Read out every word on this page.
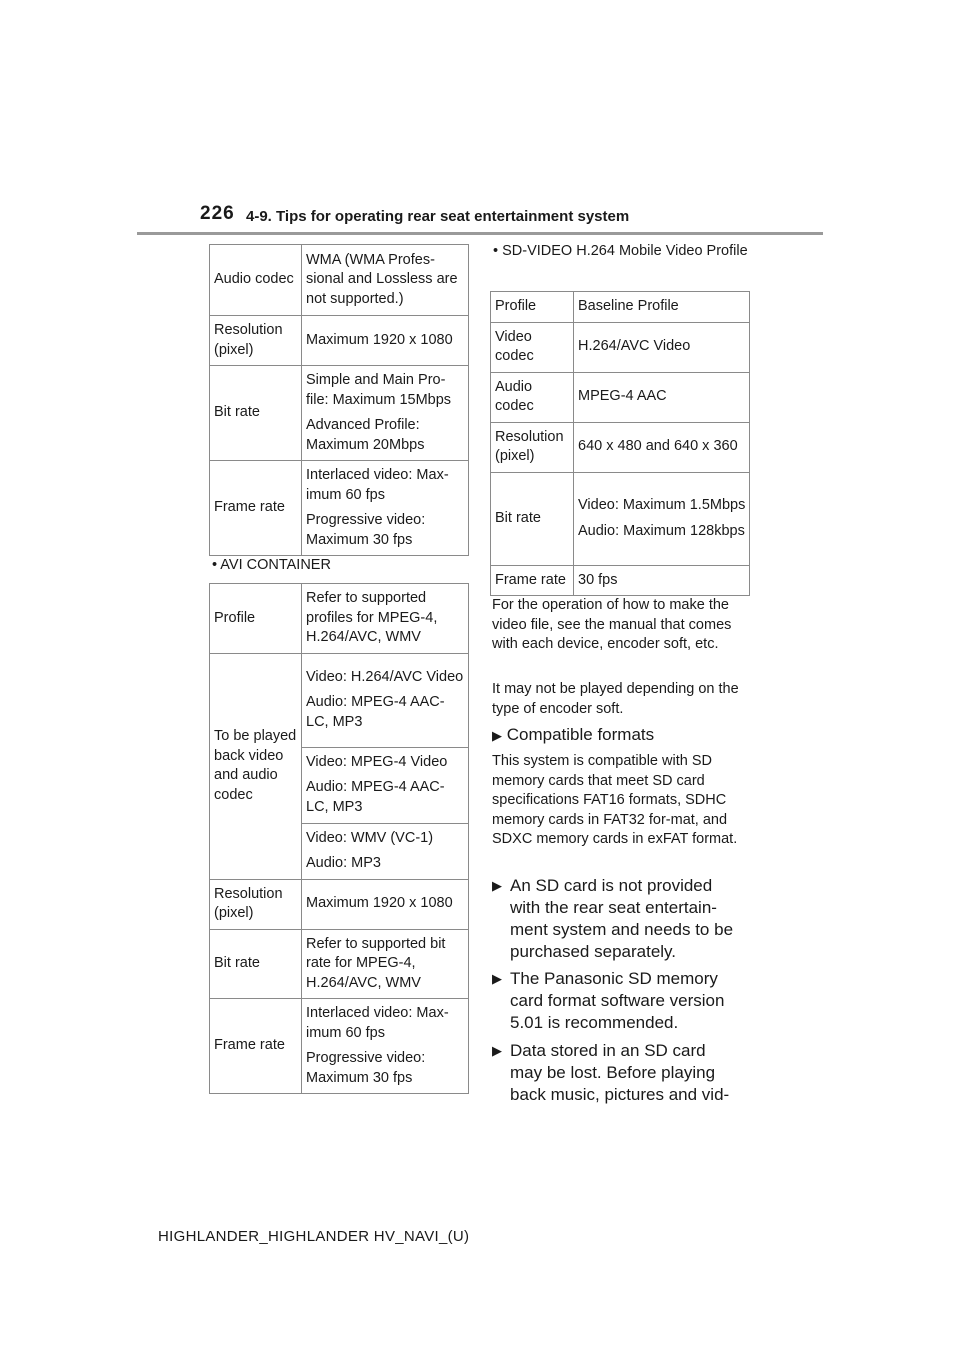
226 4-9. Tips for operating rear seat entertainment system
Audio codec	WMA (WMA Profes-sional and Lossless are not supported.)

Resolution (pixel)	Maximum 1920 x 1080

Bit rate	Simple and Main Pro-file: Maximum 15Mbps

Advanced Profile: Maximum 20Mbps

Frame rate	Interlaced video: Max-imum 60 fps

Progressive video: Maximum 30 fps

• AVI CONTAINER
Profile	Refer to supported profiles for MPEG-4, H.264/AVC, WMV

To be played back video and audio codec	Video: H.264/AVC Video

Audio: MPEG-4 AAC-LC, MP3

	Video: MPEG-4 Video

Audio: MPEG-4 AAC-LC, MP3

	Video: WMV (VC-1)

Audio: MP3

Resolution (pixel)	Maximum 1920 x 1080

Bit rate	Refer to supported bit rate for MPEG-4, H.264/AVC, WMV

Frame rate	Interlaced video: Max-imum 60 fps

Progressive video: Maximum 30 fps

• SD-VIDEO H.264 Mobile Video Profile
Profile	Baseline Profile

Video codec	H.264/AVC Video

Audio codec	MPEG-4 AAC

Resolution (pixel)	640 x 480 and 640 x 360

Bit rate	Video: Maximum 1.5Mbps

Audio: Maximum 128kbps

Frame rate	30 fps

For the operation of how to make the video file, see the manual that comes with each device, encoder soft, etc.
It may not be played depending on the type of encoder soft.
▶ Compatible formats
This system is compatible with SD memory cards that meet SD card specifications FAT16 formats, SDHC memory cards in FAT32 for-mat, and SDXC memory cards in exFAT format.
▶ An SD card is not provided with the rear seat entertain-ment system and needs to be purchased separately.
▶ The Panasonic SD memory card format software version 5.01 is recommended.
▶ Data stored in an SD card may be lost. Before playing back music, pictures and vid-
HIGHLANDER_HIGHLANDER HV_NAVI_(U)
